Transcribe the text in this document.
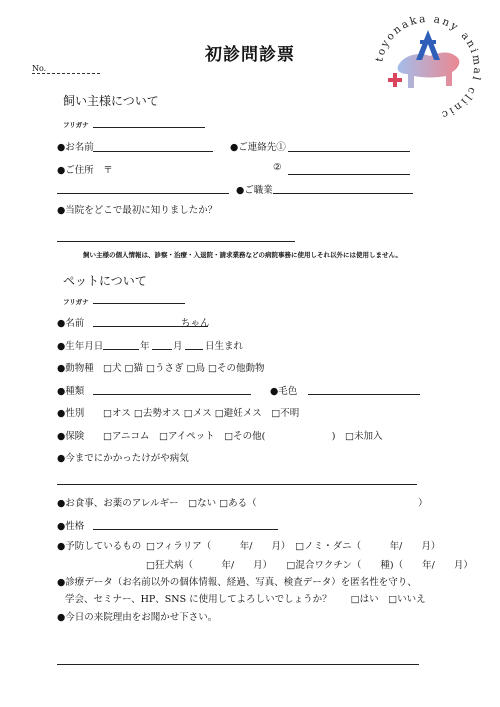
初診問診票
No.
toyonaka any animal clinic
飼い主様について
フリガナ
●お名前	●ご連絡先①
●ご住所　〒	②
●ご職業
●当院をどこで最初に知りましたか？
飼い主様の個人情報は、診察・治療・入退院・請求業務などの病院事務に使用しそれ以外には使用しません。
ペットについて
フリガナ
●名前	ちゃん
●生年月日	年 月 日生まれ
●動物種 □犬 □猫 □うさぎ □鳥 □その他動物
●種類	●毛色
●性別 □オス □去勢オス □メス □避妊メス　□不明
●保険 □アニコム　□アイペット　□その他(　　　　　　　)　□未加入
●今までにかかったけがや病気
●お食事、お薬のアレルギー　□ない □ある（　　　　　　　　　　　　　　　　　）
●性格
●予防しているもの □フィラリア（　　　年/　　月）　□ノミ・ダニ（　　　年/　　月）
□狂犬病（　　　年/　　月）　　□混合ワクチン（　　種)（　　年/　　月）
●診療データ（お名前以外の個体情報、経過、写真、検査データ）を匿名性を守り、
学会、セミナー、HP、SNS に使用してよろしいでしょうか？　　□はい　□いいえ
●今日の来院理由をお聞かせ下さい。
